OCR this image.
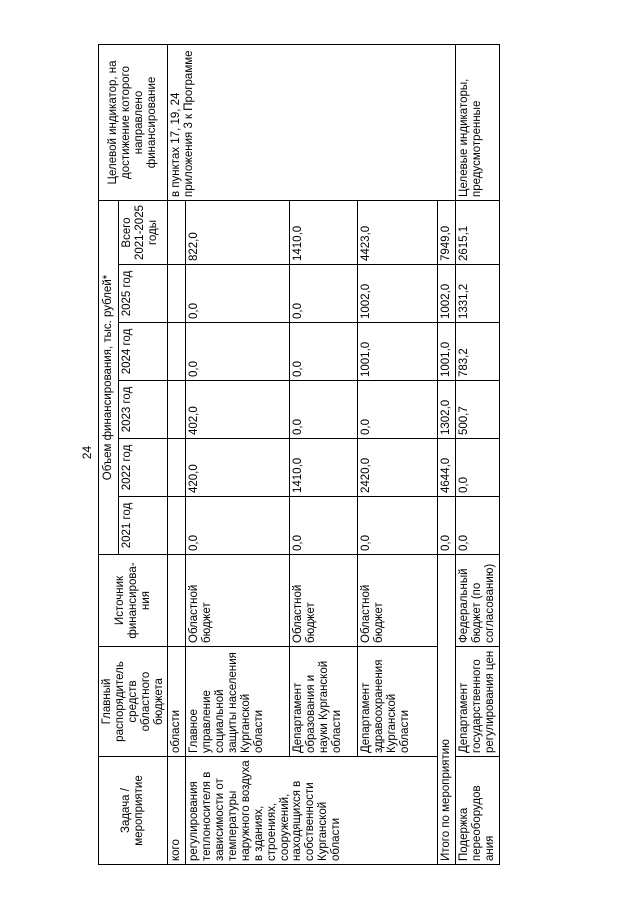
24
Задача / мероприятие	Главный распорядитель средств областного бюджета	Источник финансирова-ния	Объем финансирования, тыс. рублей*						Целевой индикатор, на достижение которого направлено финансирование
			2021 год	2022 год	2023 год	2024 год	2025 год	Всего 2021-2025 годы	
кого	области								в пунктах 17, 19, 24 приложения 3 к Программе
регулирования теплоносителя в зависимости от температуры наружного воздуха в зданиях, строениях, сооружений, находящихся в собственности Курганской области	Главное управление социальной защиты населения Курганской области	Областной бюджет	0,0	420,0	402,0	0,0	0,0	822,0	
	Департамент образования и науки Курганской области	Областной бюджет	0,0	1410,0	0,0	0,0	0,0	1410,0	
	Департамент здравоохранения Курганской области	Областной бюджет	0,0	2420,0	0,0	1001,0	1002,0	4423,0	
Итого по мероприятию			0,0	4644,0	1302,0	1001,0	1002,0	7949,0	
Подержка переоборудов ания	Департамент государственного регулирования цен	Федеральный бюджет (по согласованию)	0,0	0,0	500,7	783,2	1331,2	2615,1	Целевые индикаторы, предусмотренные
